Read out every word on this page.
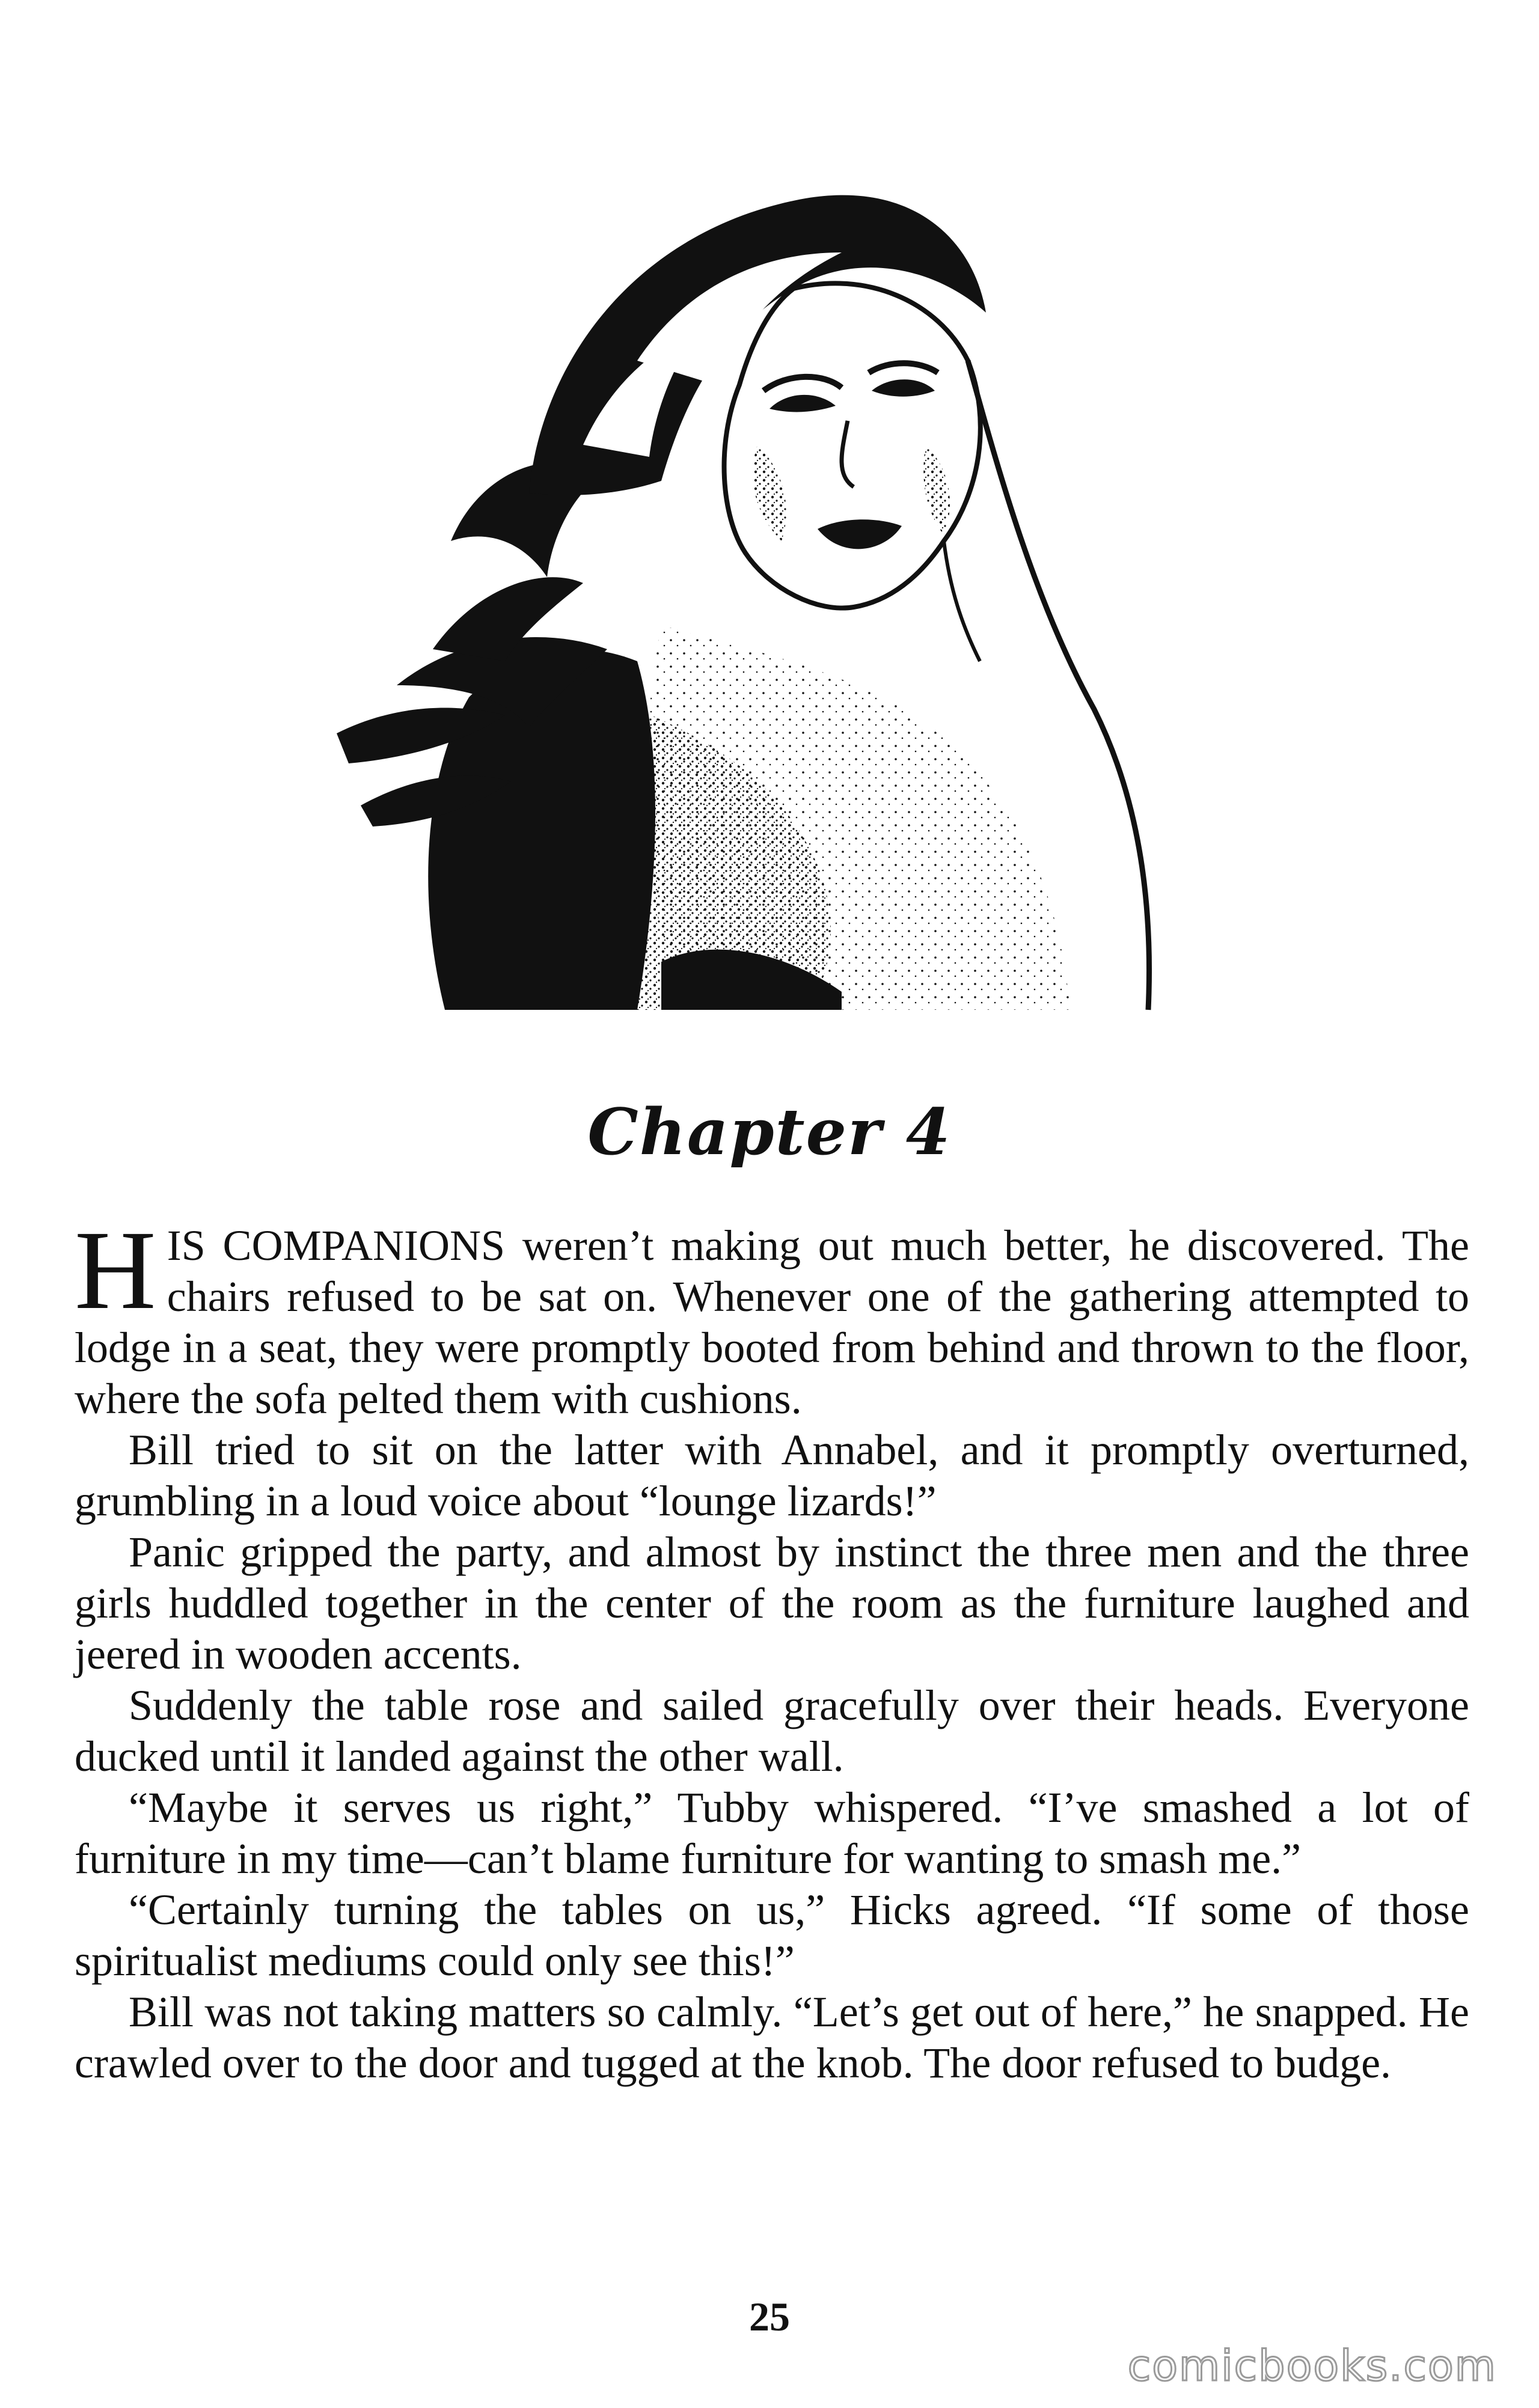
Chapter 4

HIS COMPANIONS weren’t making out much better, he discovered. The chairs refused to be sat on. Whenever one of the gathering attempted to lodge in a seat, they were promptly booted from behind and thrown to the floor, where the sofa pelted them with cushions.

Bill tried to sit on the latter with Annabel, and it promptly overturned, grumbling in a loud voice about “lounge lizards!”

Panic gripped the party, and almost by instinct the three men and the three girls huddled together in the center of the room as the furniture laughed and jeered in wooden accents.

Suddenly the table rose and sailed gracefully over their heads. Everyone ducked until it landed against the other wall.

“Maybe it serves us right,” Tubby whispered. “I’ve smashed a lot of furniture in my time—can’t blame furniture for wanting to smash me.”

“Certainly turning the tables on us,” Hicks agreed. “If some of those spiritualist mediums could only see this!”

Bill was not taking matters so calmly. “Let’s get out of here,” he snapped. He crawled over to the door and tugged at the knob. The door refused to budge.

25
comicbooks.com
